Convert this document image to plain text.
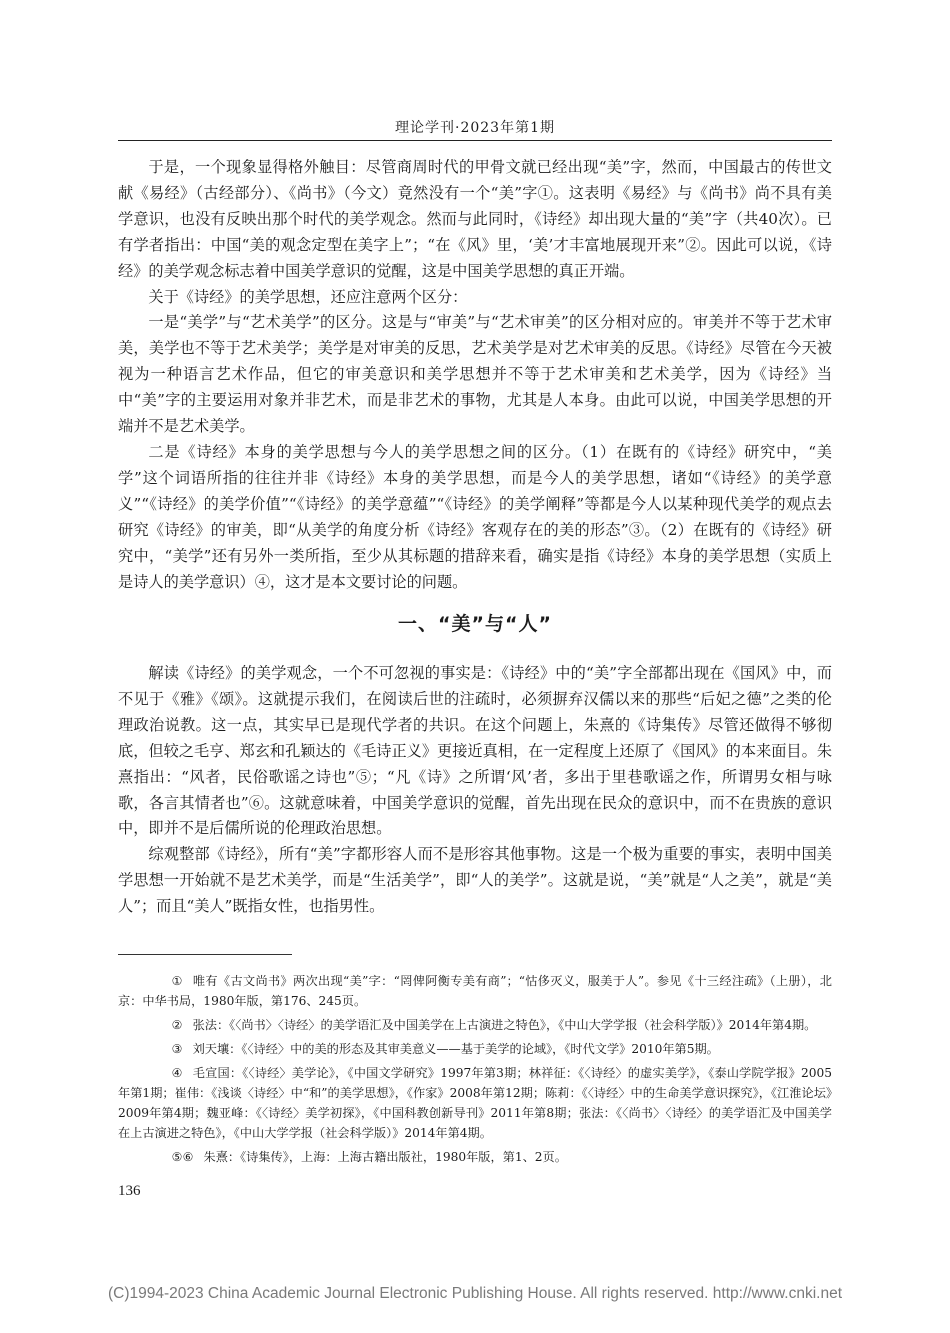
理论学刊·2023年第1期

于是，一个现象显得格外触目：尽管商周时代的甲骨文就已经出现“美”字，然而，中国最古的传世文献《易经》（古经部分）、《尚书》（今文）竟然没有一个“美”字①。这表明《易经》与《尚书》尚不具有美学意识，也没有反映出那个时代的美学观念。然而与此同时，《诗经》却出现大量的“美”字（共40次）。已有学者指出：中国“美的观念定型在美字上”；“在《风》里，‘美’才丰富地展现开来”②。因此可以说，《诗经》的美学观念标志着中国美学意识的觉醒，这是中国美学思想的真正开端。

关于《诗经》的美学思想，还应注意两个区分：

一是“美学”与“艺术美学”的区分。这是与“审美”与“艺术审美”的区分相对应的。审美并不等于艺术审美，美学也不等于艺术美学；美学是对审美的反思，艺术美学是对艺术审美的反思。《诗经》尽管在今天被视为一种语言艺术作品，但它的审美意识和美学思想并不等于艺术审美和艺术美学，因为《诗经》当中“美”字的主要运用对象并非艺术，而是非艺术的事物，尤其是人本身。由此可以说，中国美学思想的开端并不是艺术美学。

二是《诗经》本身的美学思想与今人的美学思想之间的区分。（1）在既有的《诗经》研究中，“美学”这个词语所指的往往并非《诗经》本身的美学思想，而是今人的美学思想，诸如“《诗经》的美学意义”“《诗经》的美学价值”“《诗经》的美学意蕴”“《诗经》的美学阐释”等都是今人以某种现代美学的观点去研究《诗经》的审美，即“从美学的角度分析《诗经》客观存在的美的形态”③。（2）在既有的《诗经》研究中，“美学”还有另外一类所指，至少从其标题的措辞来看，确实是指《诗经》本身的美学思想（实质上是诗人的美学意识）④，这才是本文要讨论的问题。

一、“美”与“人”

解读《诗经》的美学观念，一个不可忽视的事实是：《诗经》中的“美”字全部都出现在《国风》中，而不见于《雅》《颂》。这就提示我们，在阅读后世的注疏时，必须摒弃汉儒以来的那些“后妃之德”之类的伦理政治说教。这一点，其实早已是现代学者的共识。在这个问题上，朱熹的《诗集传》尽管还做得不够彻底，但较之毛亨、郑玄和孔颖达的《毛诗正义》更接近真相，在一定程度上还原了《国风》的本来面目。朱熹指出：“风者，民俗歌谣之诗也”⑤；“凡《诗》之所谓‘风’者，多出于里巷歌谣之作，所谓男女相与咏歌，各言其情者也”⑥。这就意味着，中国美学意识的觉醒，首先出现在民众的意识中，而不在贵族的意识中，即并不是后儒所说的伦理政治思想。

综观整部《诗经》，所有“美”字都形容人而不是形容其他事物。这是一个极为重要的事实，表明中国美学思想一开始就不是艺术美学，而是“生活美学”，即“人的美学”。这就是说，“美”就是“人之美”，就是“美人”；而且“美人”既指女性，也指男性。

① 唯有《古文尚书》两次出现“美”字：“罔俾阿衡专美有商”；“怙侈灭义，服美于人”。参见《十三经注疏》（上册），北京：中华书局，1980年版，第176、245页。
② 张法：《〈尚书〉〈诗经〉的美学语汇及中国美学在上古演进之特色》，《中山大学学报（社会科学版）》2014年第4期。
③ 刘天壤：《〈诗经〉中的美的形态及其审美意义——基于美学的论域》，《时代文学》2010年第5期。
④ 毛宣国：《〈诗经〉美学论》，《中国文学研究》1997年第3期；林祥征：《〈诗经〉的虚实美学》，《泰山学院学报》2005年第1期；崔伟：《浅谈〈诗经〉中“和”的美学思想》，《作家》2008年第12期；陈莉：《〈诗经〉中的生命美学意识探究》，《江淮论坛》2009年第4期；魏亚峰：《〈诗经〉美学初探》，《中国科教创新导刊》2011年第8期；张法：《〈尚书〉〈诗经〉的美学语汇及中国美学在上古演进之特色》，《中山大学学报（社会科学版）》2014年第4期。
⑤⑥ 朱熹：《诗集传》，上海：上海古籍出版社，1980年版，第1、2页。
136
(C)1994-2023 China Academic Journal Electronic Publishing House. All rights reserved. http://www.cnki.net
